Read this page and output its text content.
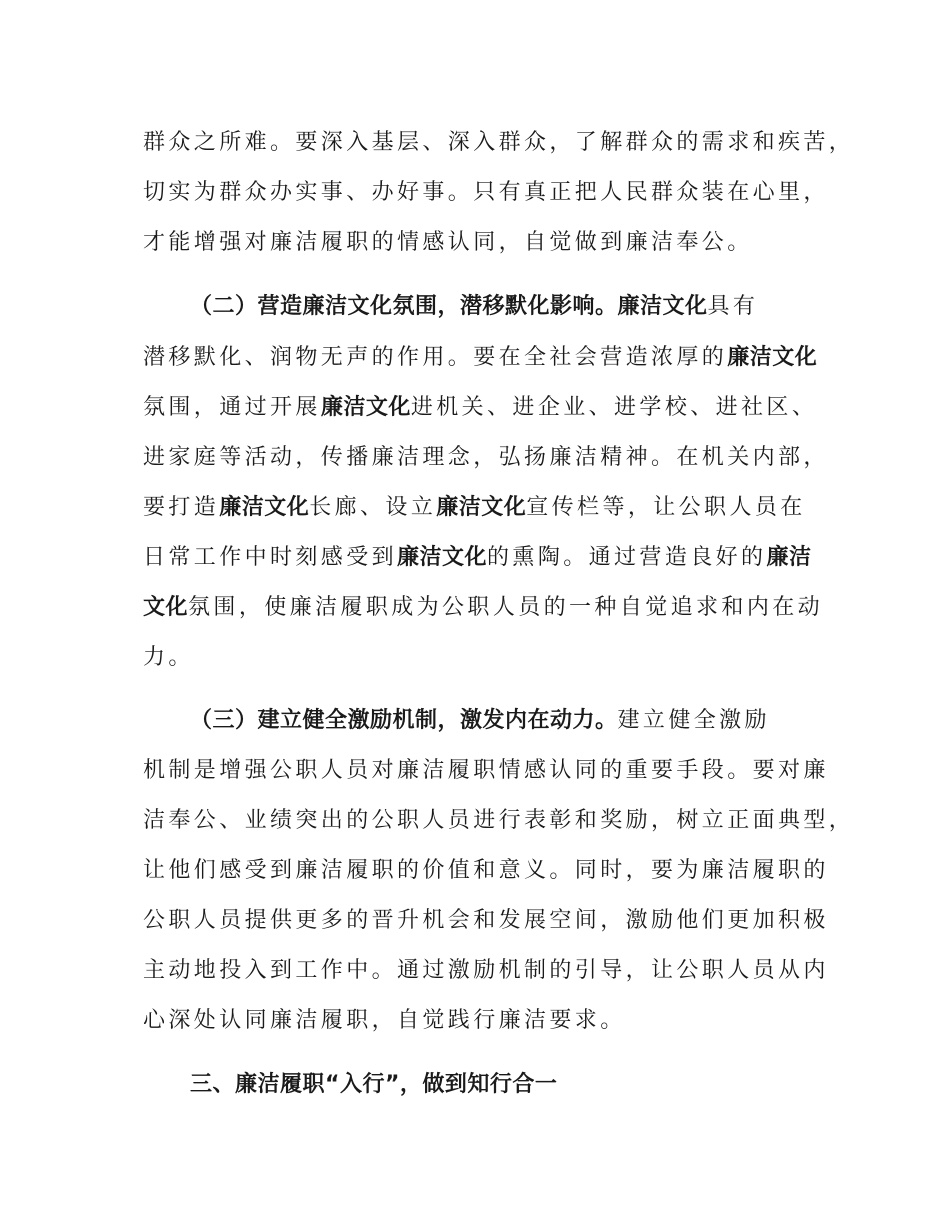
群众之所难。要深入基层、深入群众，了解群众的需求和疾苦，
切实为群众办实事、办好事。只有真正把人民群众装在心里，
才能增强对廉洁履职的情感认同，自觉做到廉洁奉公。
（二）营造廉洁文化氛围，潜移默化影响。廉洁文化具有
潜移默化、润物无声的作用。要在全社会营造浓厚的廉洁文化
氛围，通过开展廉洁文化进机关、进企业、进学校、进社区、
进家庭等活动，传播廉洁理念，弘扬廉洁精神。在机关内部，
要打造廉洁文化长廊、设立廉洁文化宣传栏等，让公职人员在
日常工作中时刻感受到廉洁文化的熏陶。通过营造良好的廉洁
文化氛围，使廉洁履职成为公职人员的一种自觉追求和内在动
力。
（三）建立健全激励机制，激发内在动力。建立健全激励
机制是增强公职人员对廉洁履职情感认同的重要手段。要对廉
洁奉公、业绩突出的公职人员进行表彰和奖励，树立正面典型，
让他们感受到廉洁履职的价值和意义。同时，要为廉洁履职的
公职人员提供更多的晋升机会和发展空间，激励他们更加积极
主动地投入到工作中。通过激励机制的引导，让公职人员从内
心深处认同廉洁履职，自觉践行廉洁要求。
三、廉洁履职“入行”，做到知行合一
